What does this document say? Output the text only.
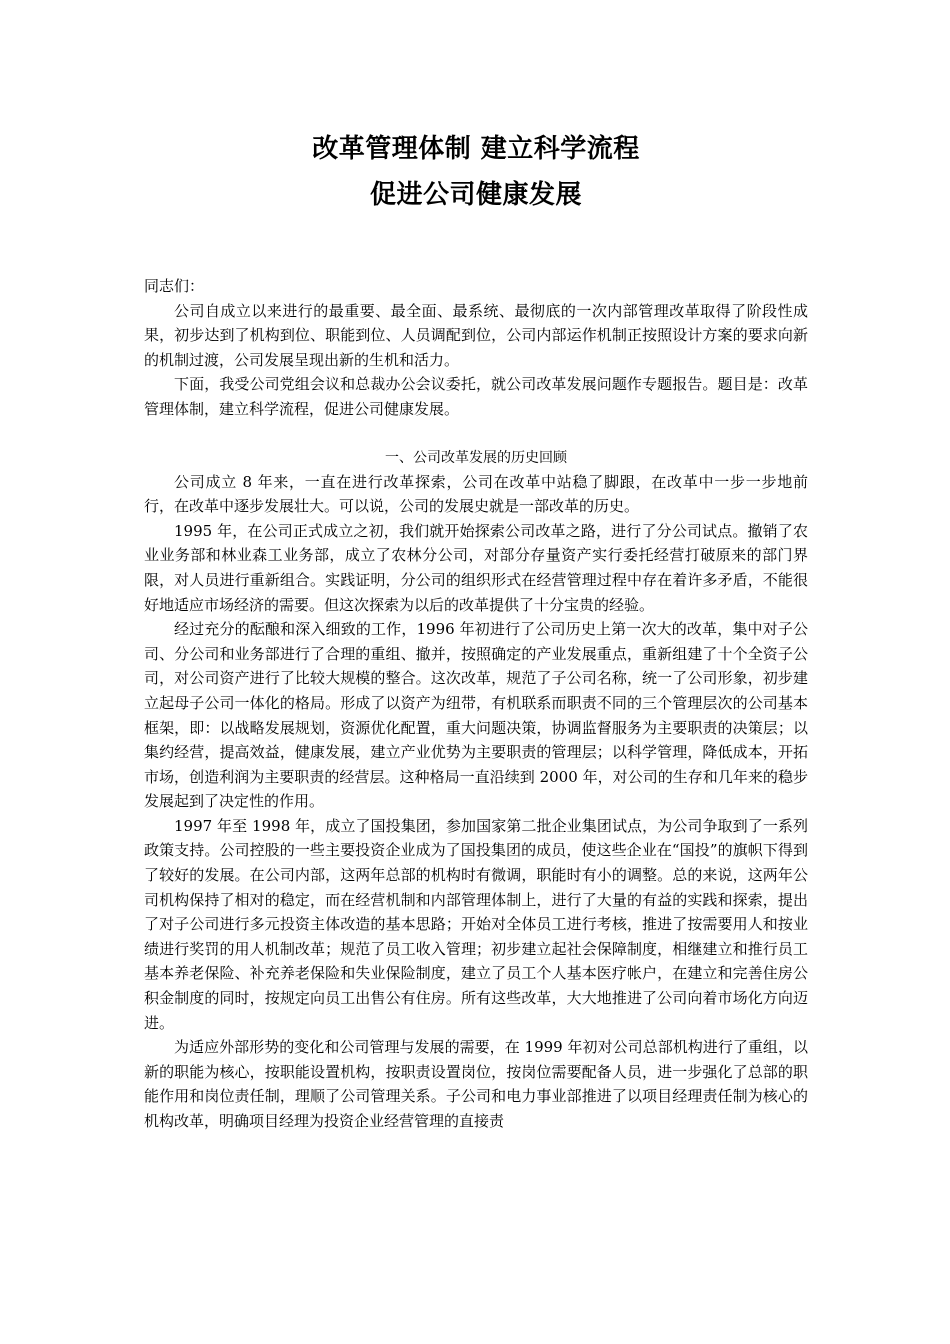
改革管理体制 建立科学流程
促进公司健康发展

同志们：

公司自成立以来进行的最重要、最全面、最系统、最彻底的一次内部管理改革取得了阶段性成果，初步达到了机构到位、职能到位、人员调配到位，公司内部运作机制正按照设计方案的要求向新的机制过渡，公司发展呈现出新的生机和活力。

下面，我受公司党组会议和总裁办公会议委托，就公司改革发展问题作专题报告。题目是：改革管理体制，建立科学流程，促进公司健康发展。

一、公司改革发展的历史回顾

公司成立 8 年来，一直在进行改革探索，公司在改革中站稳了脚跟，在改革中一步一步地前行，在改革中逐步发展壮大。可以说，公司的发展史就是一部改革的历史。

1995 年，在公司正式成立之初，我们就开始探索公司改革之路，进行了分公司试点。撤销了农业业务部和林业森工业务部，成立了农林分公司，对部分存量资产实行委托经营打破原来的部门界限，对人员进行重新组合。实践证明，分公司的组织形式在经营管理过程中存在着许多矛盾，不能很好地适应市场经济的需要。但这次探索为以后的改革提供了十分宝贵的经验。

经过充分的酝酿和深入细致的工作，1996 年初进行了公司历史上第一次大的改革，集中对子公司、分公司和业务部进行了合理的重组、撤并，按照确定的产业发展重点，重新组建了十个全资子公司，对公司资产进行了比较大规模的整合。这次改革，规范了子公司名称，统一了公司形象，初步建立起母子公司一体化的格局。形成了以资产为纽带，有机联系而职责不同的三个管理层次的公司基本框架，即：以战略发展规划，资源优化配置，重大问题决策，协调监督服务为主要职责的决策层；以集约经营，提高效益，健康发展，建立产业优势为主要职责的管理层；以科学管理，降低成本，开拓市场，创造利润为主要职责的经营层。这种格局一直沿续到 2000 年，对公司的生存和几年来的稳步发展起到了决定性的作用。

1997 年至 1998 年，成立了国投集团，参加国家第二批企业集团试点，为公司争取到了一系列政策支持。公司控股的一些主要投资企业成为了国投集团的成员，使这些企业在“国投”的旗帜下得到了较好的发展。在公司内部，这两年总部的机构时有微调，职能时有小的调整。总的来说，这两年公司机构保持了相对的稳定，而在经营机制和内部管理体制上，进行了大量的有益的实践和探索，提出了对子公司进行多元投资主体改造的基本思路；开始对全体员工进行考核，推进了按需要用人和按业绩进行奖罚的用人机制改革；规范了员工收入管理；初步建立起社会保障制度，相继建立和推行员工基本养老保险、补充养老保险和失业保险制度，建立了员工个人基本医疗帐户，在建立和完善住房公积金制度的同时，按规定向员工出售公有住房。所有这些改革，大大地推进了公司向着市场化方向迈进。

为适应外部形势的变化和公司管理与发展的需要，在 1999 年初对公司总部机构进行了重组，以新的职能为核心，按职能设置机构，按职责设置岗位，按岗位需要配备人员，进一步强化了总部的职能作用和岗位责任制，理顺了公司管理关系。子公司和电力事业部推进了以项目经理责任制为核心的机构改革，明确项目经理为投资企业经营管理的直接责
